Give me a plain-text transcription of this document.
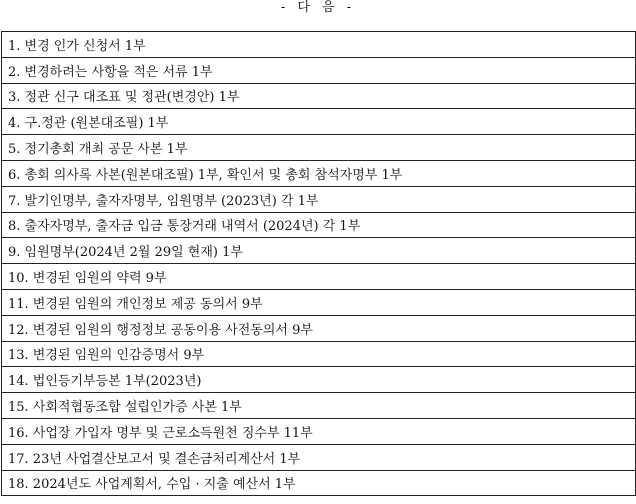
- 다 음 -
1. 변경 인가 신청서 1부
2. 변경하려는 사항을 적은 서류 1부
3. 정관 신구 대조표 및 정관(변경안) 1부
4. 구.정관 (원본대조필) 1부
5. 정기총회 개최 공문 사본 1부
6. 총회 의사록 사본(원본대조필) 1부, 확인서 및 총회 참석자명부 1부
7. 발기인명부, 출자자명부, 임원명부 (2023년) 각 1부
8. 출자자명부, 출자금 입금 통장거래 내역서 (2024년) 각 1부
9. 임원명부(2024년 2월 29일 현재) 1부
10. 변경된 임원의 약력 9부
11. 변경된 임원의 개인정보 제공 동의서 9부
12. 변경된 임원의 행정정보 공동이용 사전동의서 9부
13. 변경된 임원의 인감증명서 9부
14. 법인등기부등본 1부(2023년)
15. 사회적협동조합 설립인가증 사본 1부
16. 사업장 가입자 명부 및 근로소득원천 징수부 11부
17. 23년 사업결산보고서 및 결손금처리계산서 1부
18. 2024년도 사업계획서, 수입 · 지출 예산서 1부
